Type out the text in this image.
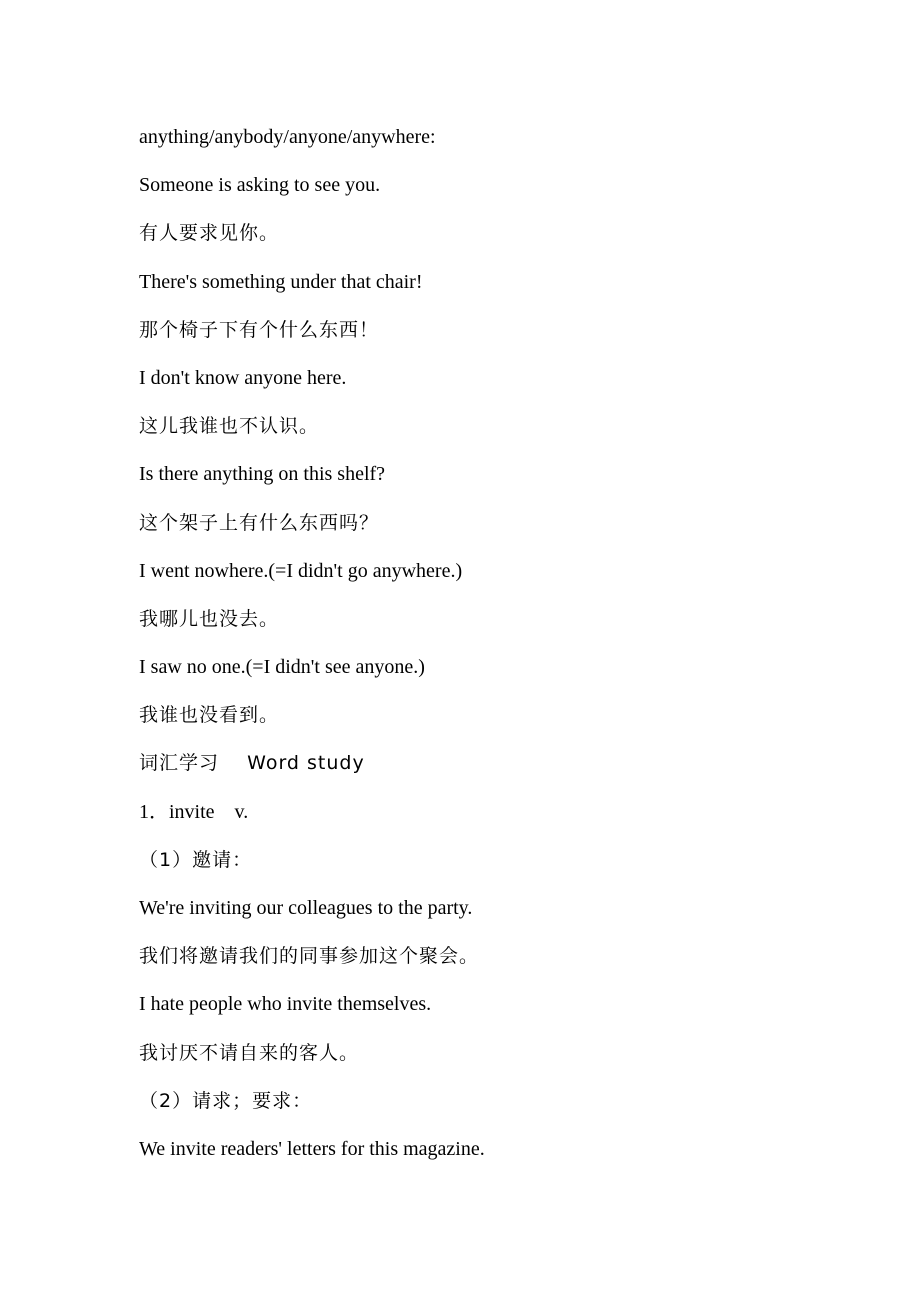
anything/anybody/anyone/anywhere:
Someone is asking to see you.
有人要求见你。
There's something under that chair!
那个椅子下有个什么东西！
I don't know anyone here.
这儿我谁也不认识。
Is there anything on this shelf?
这个架子上有什么东西吗？
I went nowhere.(=I didn't go anywhere.)
我哪儿也没去。
I saw no one.(=I didn't see anyone.)
我谁也没看到。
词汇学习    Word study
1．invite    v.
（1）邀请：
We're inviting our colleagues to the party.
我们将邀请我们的同事参加这个聚会。
I hate people who invite themselves.
我讨厌不请自来的客人。
（2）请求；要求：
We invite readers' letters for this magazine.
